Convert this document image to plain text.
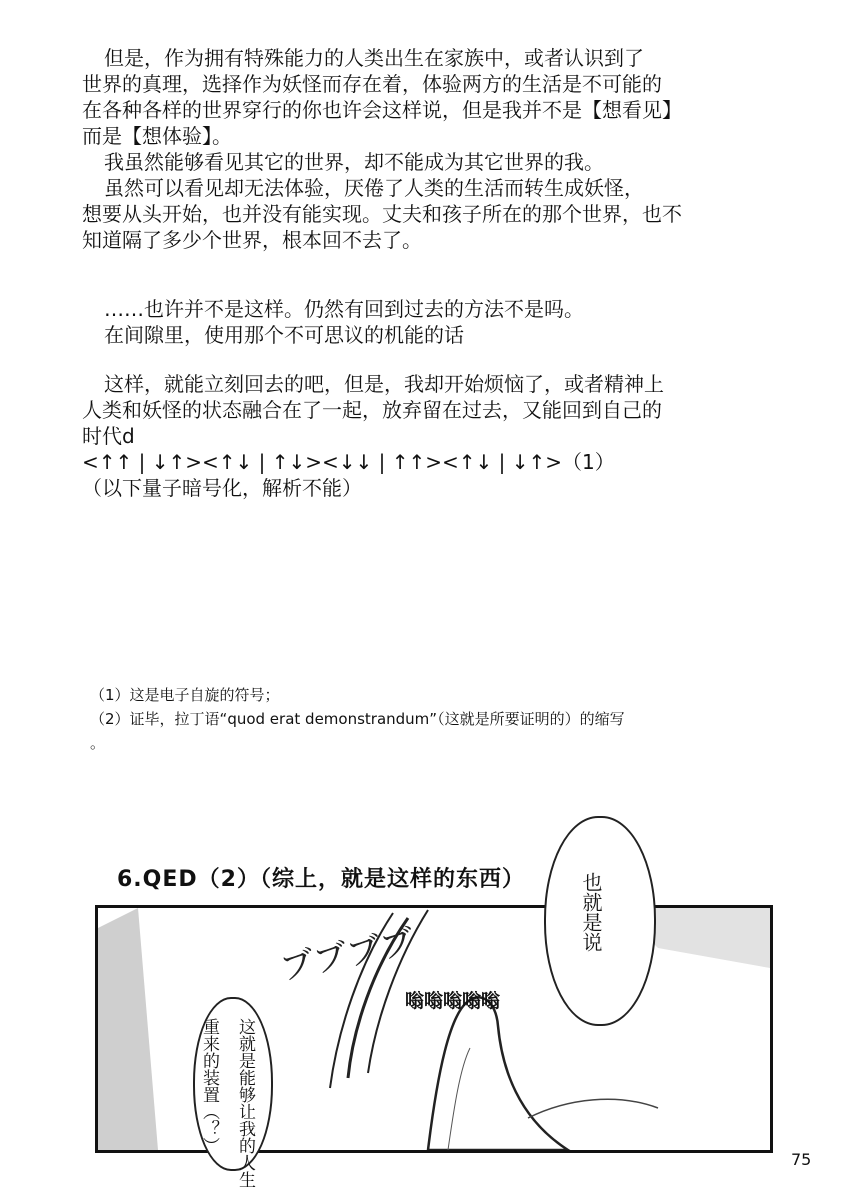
但是，作为拥有特殊能力的人类出生在家族中，或者认识到了
世界的真理，选择作为妖怪而存在着，体验两方的生活是不可能的
在各种各样的世界穿行的你也许会这样说，但是我并不是【想看见】
而是【想体验】。
我虽然能够看见其它的世界，却不能成为其它世界的我。
虽然可以看见却无法体验，厌倦了人类的生活而转生成妖怪，
想要从头开始，也并没有能实现。丈夫和孩子所在的那个世界，也不
知道隔了多少个世界，根本回不去了。
……也许并不是这样。仍然有回到过去的方法不是吗。
在间隙里，使用那个不可思议的机能的话
这样，就能立刻回去的吧，但是，我却开始烦恼了，或者精神上
人类和妖怪的状态融合在了一起，放弃留在过去，又能回到自己的
时代d
<↑↑ | ↓↑><↑↓ | ↑↓><↓↓ | ↑↑><↑↓ | ↓↑>（1）
（以下量子暗号化，解析不能）
（1）这是电子自旋的符号；
（2）证毕，拉丁语“quod erat demonstrandum”（这就是所要证明的）的缩写
。
6.QED（2）（综上，就是这样的东西）
ブブブブ
嗡嗡嗡嗡嗡
也就是说
这就是能够让我的人生
重来的装置（？）
75
